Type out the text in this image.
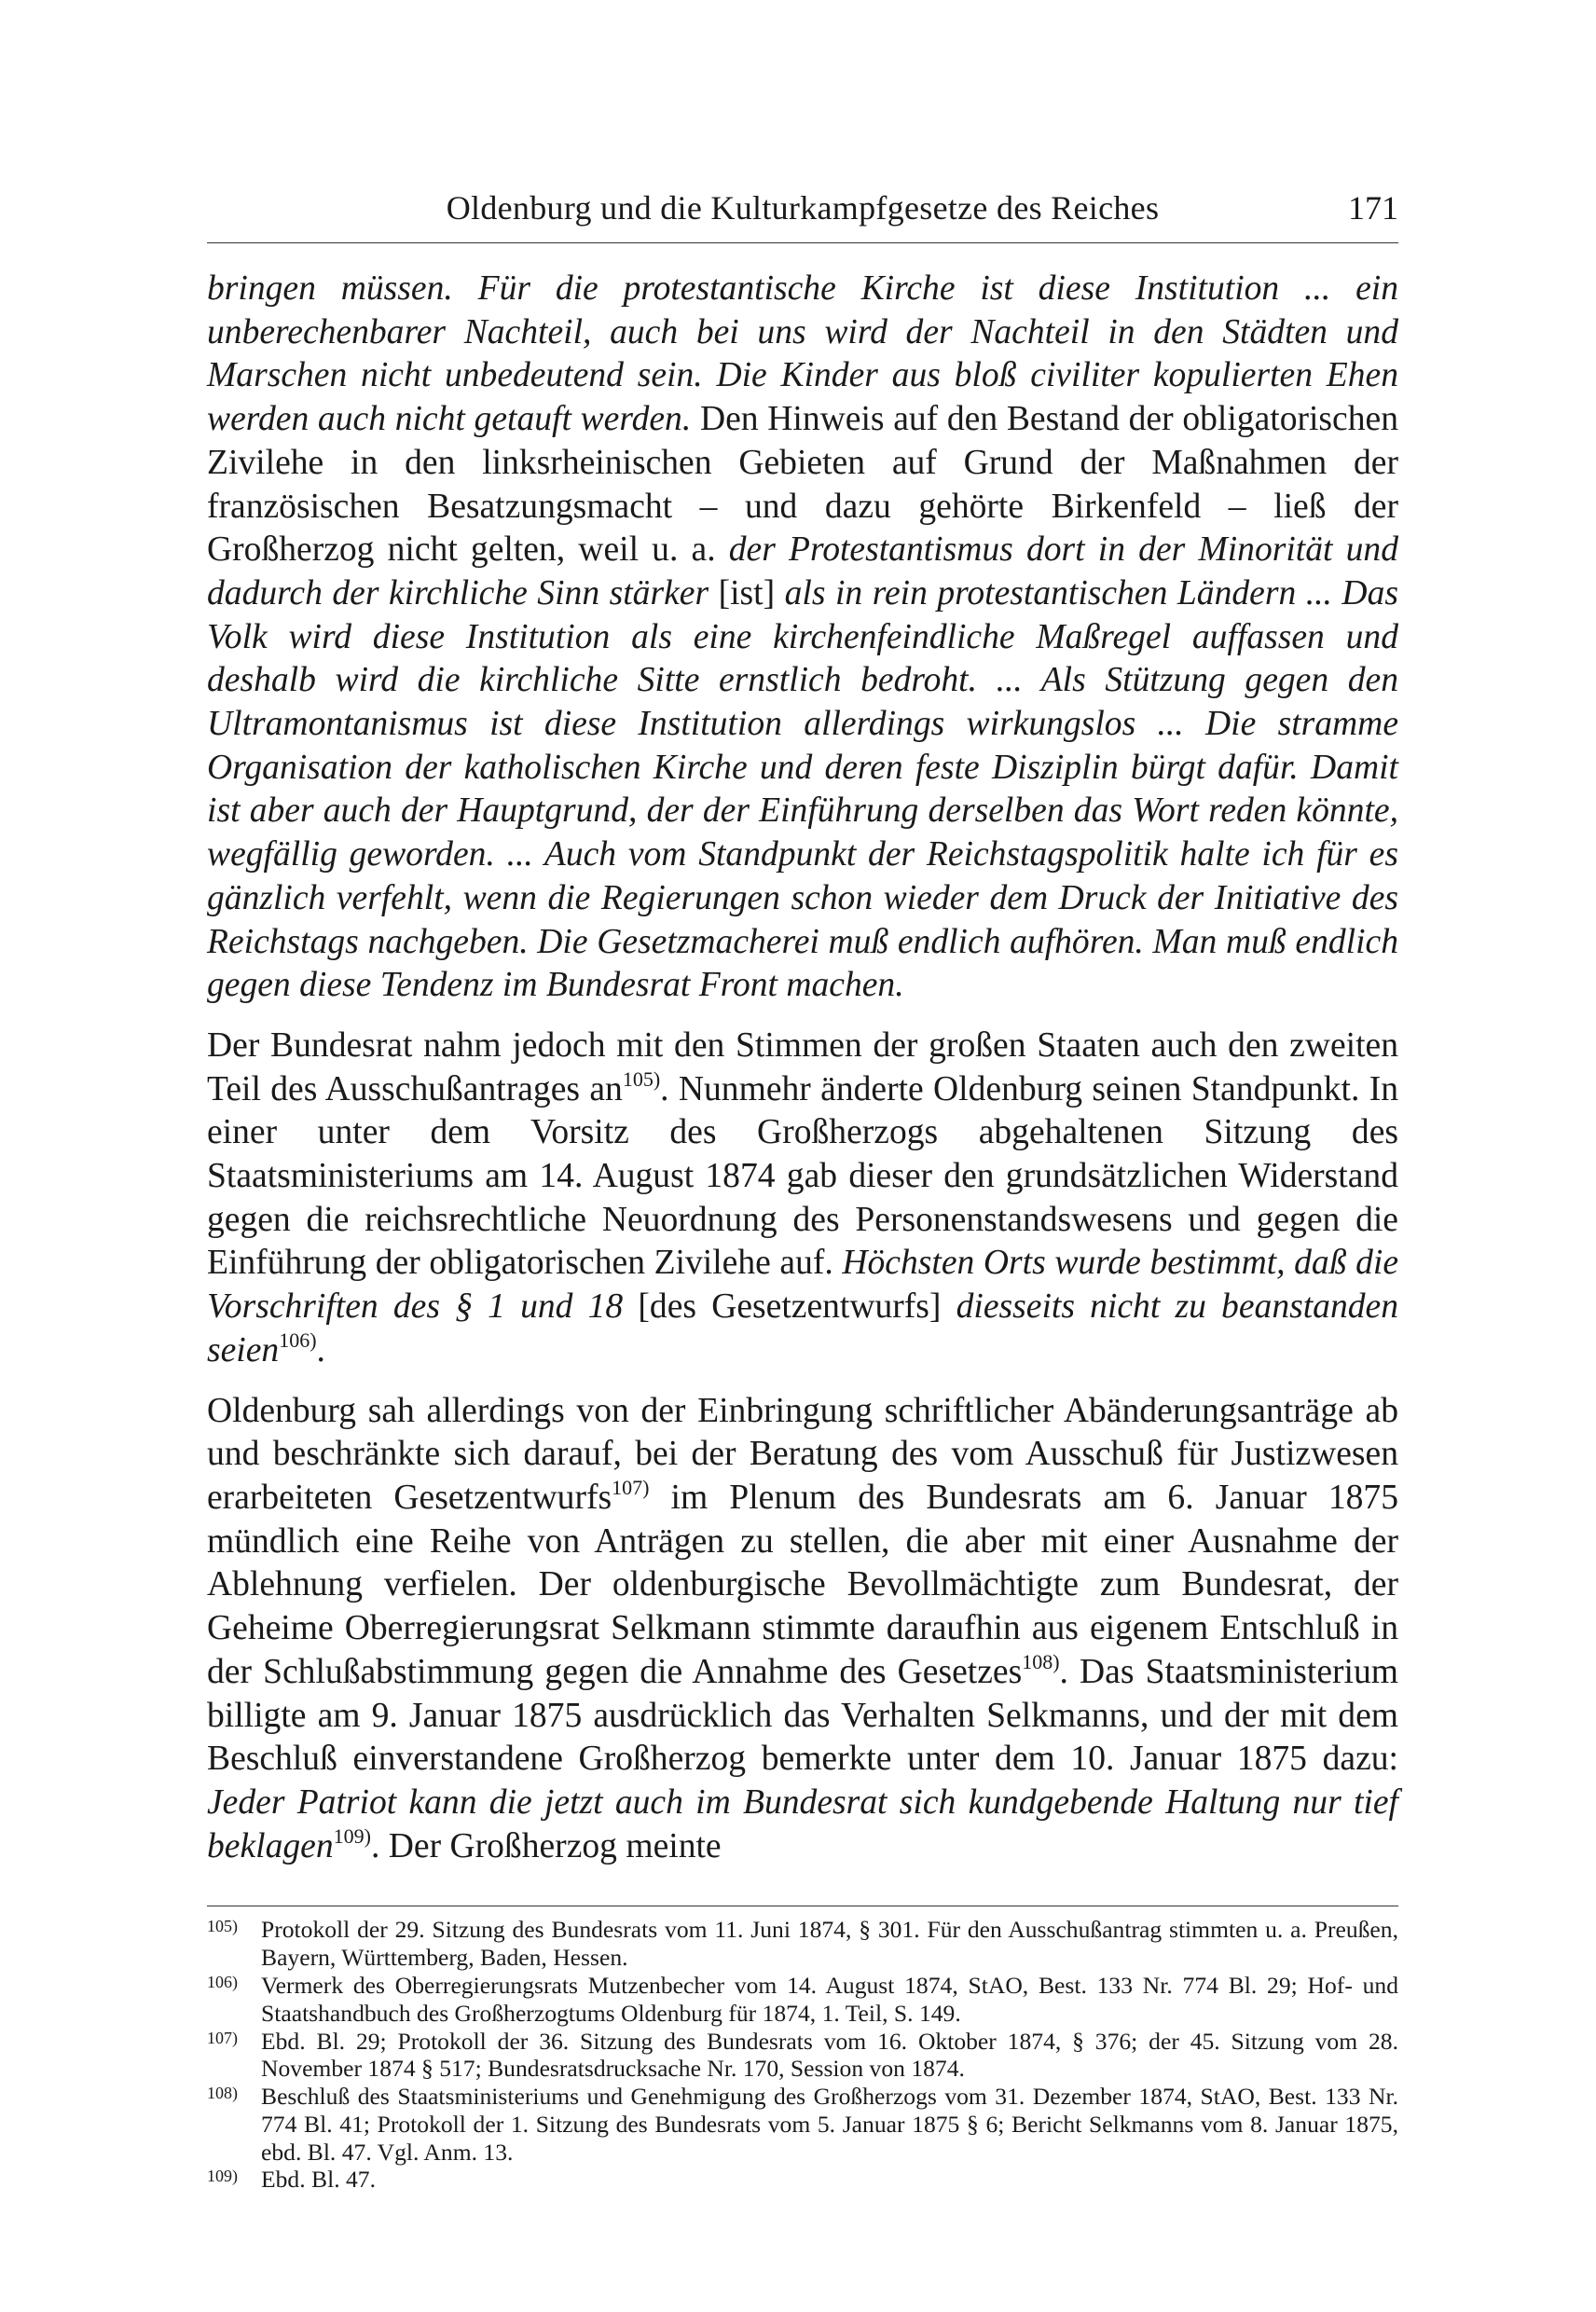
Oldenburg und die Kulturkampfgesetze des Reiches	171

bringen müssen. Für die protestantische Kirche ist diese Institution ... ein unberechenbarer Nachteil, auch bei uns wird der Nachteil in den Städten und Marschen nicht unbedeutend sein. Die Kinder aus bloß civiliter kopulierten Ehen werden auch nicht getauft werden. Den Hinweis auf den Bestand der obligatorischen Zivilehe in den linksrheinischen Gebieten auf Grund der Maßnahmen der französischen Besatzungsmacht – und dazu gehörte Birkenfeld – ließ der Großherzog nicht gelten, weil u. a. der Protestantismus dort in der Minorität und dadurch der kirchliche Sinn stärker [ist] als in rein protestantischen Ländern ... Das Volk wird diese Institution als eine kirchenfeindliche Maßregel auffassen und deshalb wird die kirchliche Sitte ernstlich bedroht. ... Als Stützung gegen den Ultramontanismus ist diese Institution allerdings wirkungslos ... Die stramme Organisation der katholischen Kirche und deren feste Disziplin bürgt dafür. Damit ist aber auch der Hauptgrund, der der Einführung derselben das Wort reden könnte, wegfällig geworden. ... Auch vom Standpunkt der Reichstagspolitik halte ich für es gänzlich verfehlt, wenn die Regierungen schon wieder dem Druck der Initiative des Reichstags nachgeben. Die Gesetzmacherei muß endlich aufhören. Man muß endlich gegen diese Tendenz im Bundesrat Front machen.

Der Bundesrat nahm jedoch mit den Stimmen der großen Staaten auch den zweiten Teil des Ausschußantrages an$^{105)}$. Nunmehr änderte Oldenburg seinen Standpunkt. In einer unter dem Vorsitz des Großherzogs abgehaltenen Sitzung des Staatsministeriums am 14. August 1874 gab dieser den grundsätzlichen Widerstand gegen die reichsrechtliche Neuordnung des Personenstandswesens und gegen die Einführung der obligatorischen Zivilehe auf. Höchsten Orts wurde bestimmt, daß die Vorschriften des § 1 und 18 [des Gesetzentwurfs] diesseits nicht zu beanstanden seien$^{106)}$.

Oldenburg sah allerdings von der Einbringung schriftlicher Abänderungsanträge ab und beschränkte sich darauf, bei der Beratung des vom Ausschuß für Justizwesen erarbeiteten Gesetzentwurfs$^{107)}$ im Plenum des Bundesrats am 6. Januar 1875 mündlich eine Reihe von Anträgen zu stellen, die aber mit einer Ausnahme der Ablehnung verfielen. Der oldenburgische Bevollmächtigte zum Bundesrat, der Geheime Oberregierungsrat Selkmann stimmte daraufhin aus eigenem Entschluß in der Schlußabstimmung gegen die Annahme des Gesetzes$^{108)}$. Das Staatsministerium billigte am 9. Januar 1875 ausdrücklich das Verhalten Selkmanns, und der mit dem Beschluß einverstandene Großherzog bemerkte unter dem 10. Januar 1875 dazu: Jeder Patriot kann die jetzt auch im Bundesrat sich kundgebende Haltung nur tief beklagen$^{109)}$. Der Großherzog meinte

105) Protokoll der 29. Sitzung des Bundesrats vom 11. Juni 1874, § 301. Für den Ausschußantrag stimmten u. a. Preußen, Bayern, Württemberg, Baden, Hessen.
106) Vermerk des Oberregierungsrats Mutzenbecher vom 14. August 1874, StAO, Best. 133 Nr. 774 Bl. 29; Hof- und Staatshandbuch des Großherzogtums Oldenburg für 1874, 1. Teil, S. 149.
107) Ebd. Bl. 29; Protokoll der 36. Sitzung des Bundesrats vom 16. Oktober 1874, § 376; der 45. Sitzung vom 28. November 1874 § 517; Bundesratsdrucksache Nr. 170, Session von 1874.
108) Beschluß des Staatsministeriums und Genehmigung des Großherzogs vom 31. Dezember 1874, StAO, Best. 133 Nr. 774 Bl. 41; Protokoll der 1. Sitzung des Bundesrats vom 5. Januar 1875 § 6; Bericht Selkmanns vom 8. Januar 1875, ebd. Bl. 47. Vgl. Anm. 13.
109) Ebd. Bl. 47.
